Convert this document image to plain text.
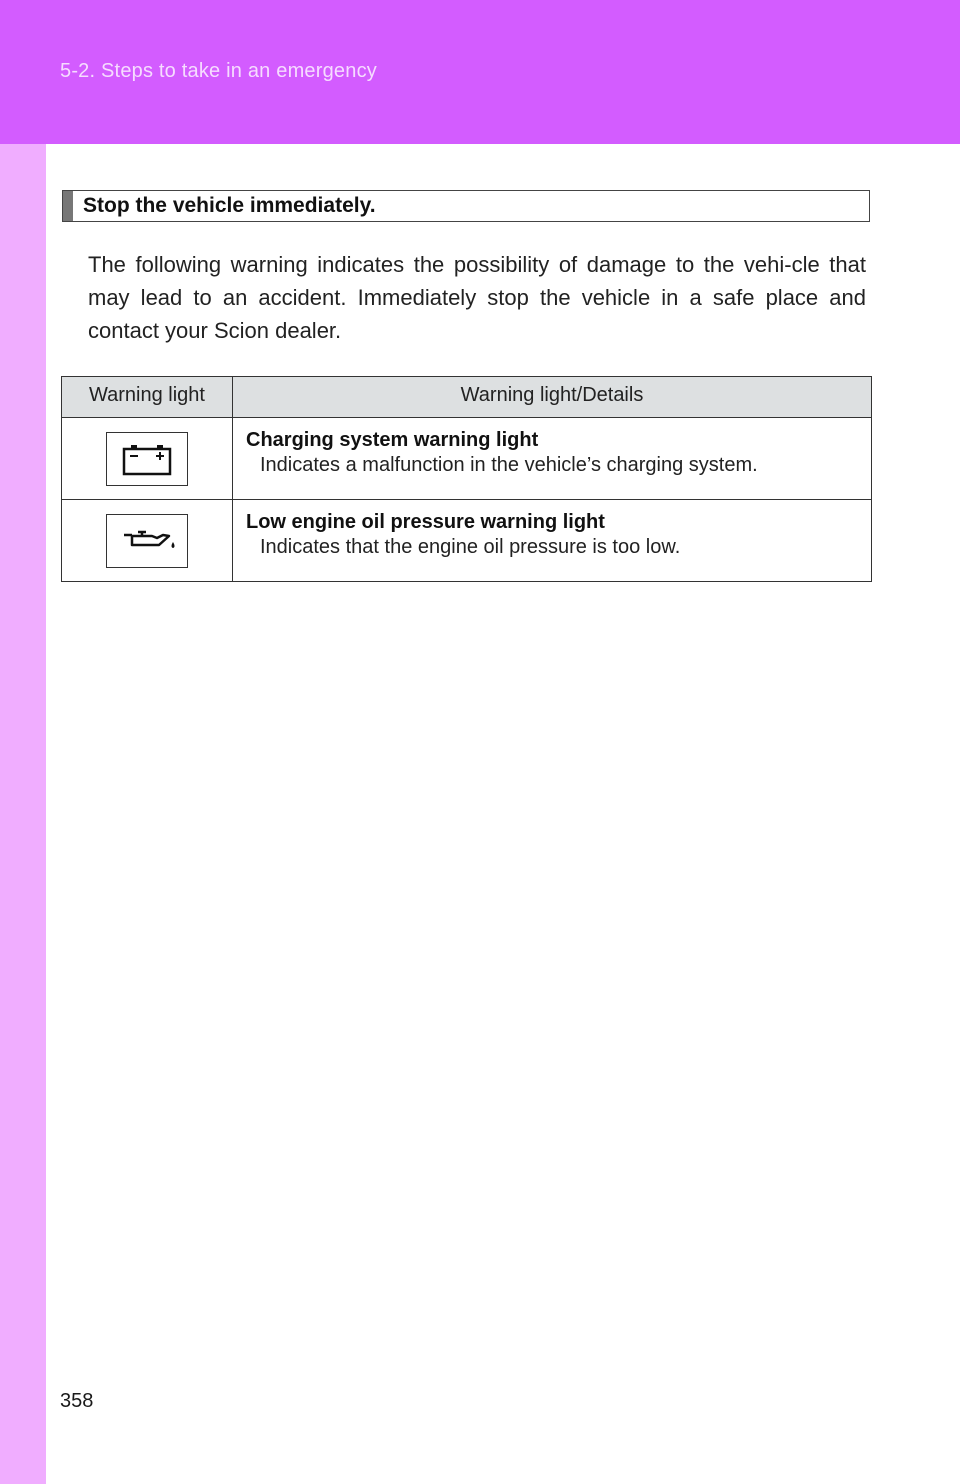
5-2. Steps to take in an emergency
Stop the vehicle immediately.
The following warning indicates the possibility of damage to the vehi-cle that may lead to an accident. Immediately stop the vehicle in a safe place and contact your Scion dealer.
Warning light	Warning light/Details

Charging system warning light
Indicates a malfunction in the vehicle’s charging system.

Low engine oil pressure warning light
Indicates that the engine oil pressure is too low.
358
